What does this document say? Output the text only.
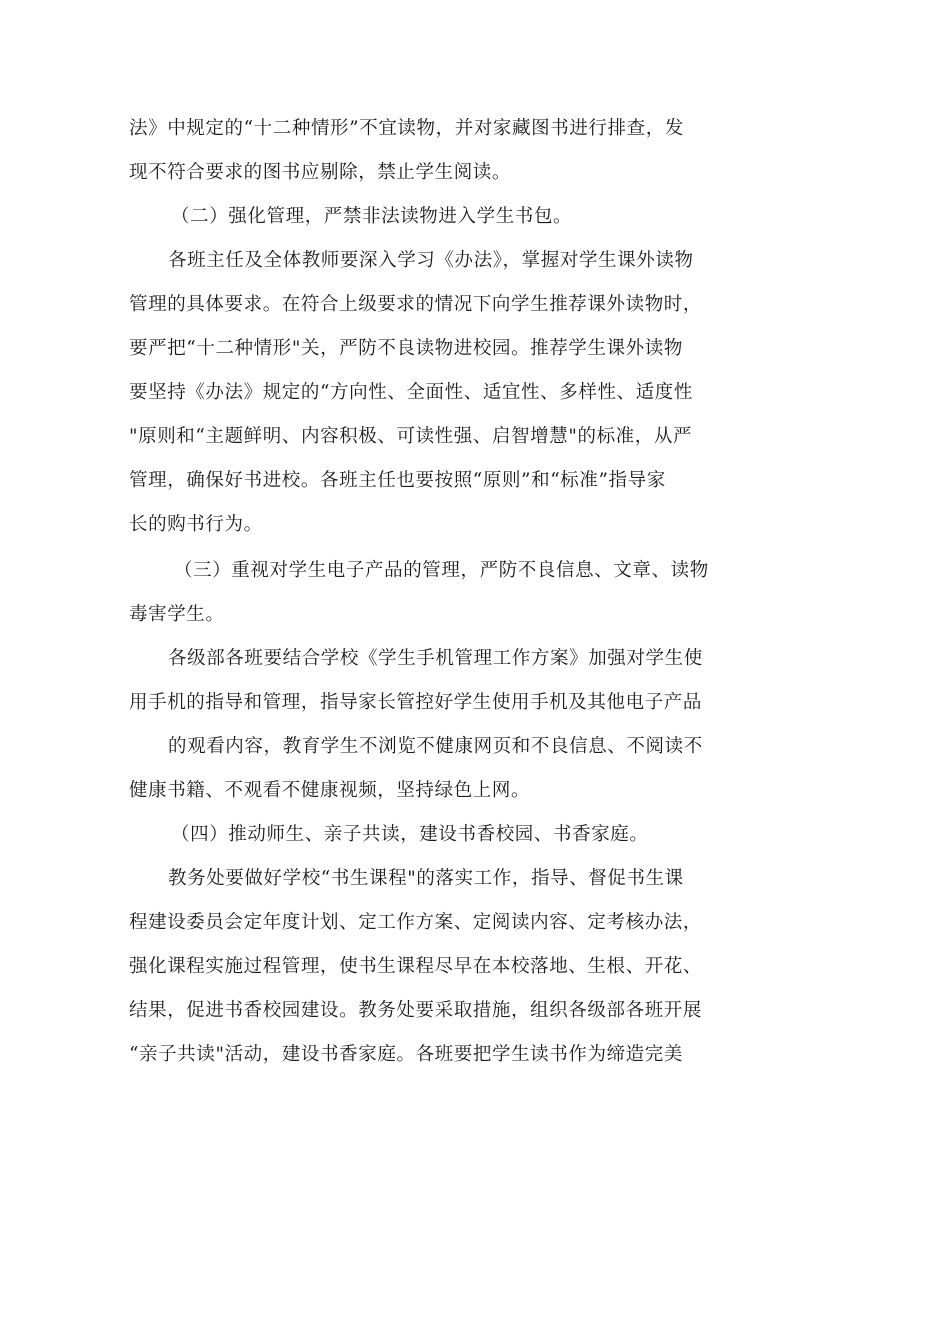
法》中规定的“十二种情形”不宜读物，并对家藏图书进行排查，发
现不符合要求的图书应剔除，禁止学生阅读。
（二）强化管理，严禁非法读物进入学生书包。
各班主任及全体教师要深入学习《办法》，掌握对学生课外读物
管理的具体要求。在符合上级要求的情况下向学生推荐课外读物时，
要严把“十二种情形"关，严防不良读物进校园。推荐学生课外读物
要坚持《办法》规定的“方向性、全面性、适宜性、多样性、适度性
"原则和“主题鲜明、内容积极、可读性强、启智增慧"的标准，从严
管理，确保好书进校。各班主任也要按照“原则”和“标准”指导家
长的购书行为。
（三）重视对学生电子产品的管理，严防不良信息、文章、读物
毒害学生。
各级部各班要结合学校《学生手机管理工作方案》加强对学生使
用手机的指导和管理，指导家长管控好学生使用手机及其他电子产品
的观看内容，教育学生不浏览不健康网页和不良信息、不阅读不
健康书籍、不观看不健康视频，坚持绿色上网。
（四）推动师生、亲子共读，建设书香校园、书香家庭。
教务处要做好学校“书生课程"的落实工作，指导、督促书生课
程建设委员会定年度计划、定工作方案、定阅读内容、定考核办法，
强化课程实施过程管理，使书生课程尽早在本校落地、生根、开花、
结果，促进书香校园建设。教务处要采取措施，组织各级部各班开展
“亲子共读"活动，建设书香家庭。各班要把学生读书作为缔造完美
